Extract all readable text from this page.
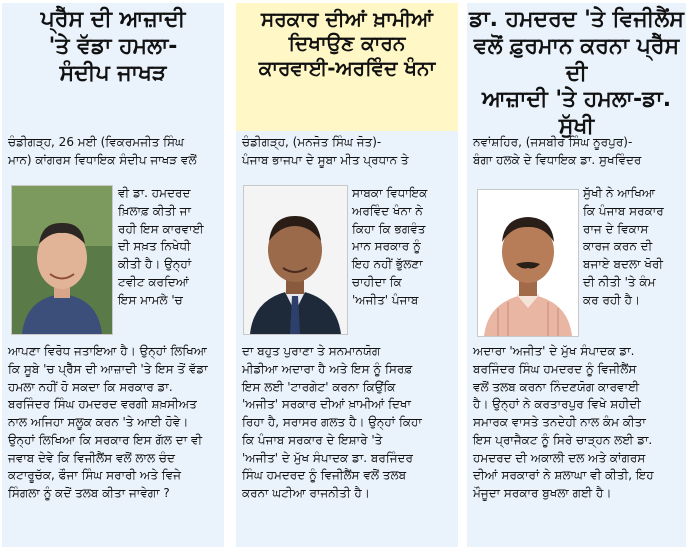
ਪ੍ਰੈੱਸ ਦੀ ਆਜ਼ਾਦੀ
'ਤੇ ਵੱਡਾ ਹਮਲਾ-
ਸੰਦੀਪ ਜਾਖੜ
ਚੰਡੀਗੜ੍ਹ, 26 ਮਈ (ਵਿਕਰਮਜੀਤ ਸਿੰਘ
ਮਾਨ) ਕਾਂਗਰਸ ਵਿਧਾਇਕ ਸੰਦੀਪ ਜਾਖੜ ਵਲੋਂ
ਵੀ ਡਾ. ਹਮਦਰਦ
ਖ਼ਿਲਾਫ਼ ਕੀਤੀ ਜਾ
ਰਹੀ ਇਸ ਕਾਰਵਾਈ
ਦੀ ਸਖ਼ਤ ਨਿਖੇਧੀ
ਕੀਤੀ ਹੈ। ਉਨ੍ਹਾਂ
ਟਵੀਟ ਕਰਦਿਆਂ
ਇਸ ਮਾਮਲੇ 'ਚ
ਆਪਣਾ ਵਿਰੋਧ ਜਤਾਇਆ ਹੈ। ਉਨ੍ਹਾਂ ਲਿਖਿਆ
ਕਿ ਸੂਬੇ 'ਚ ਪ੍ਰੈੱਸ ਦੀ ਆਜ਼ਾਦੀ 'ਤੇ ਇਸ ਤੋਂ ਵੱਡਾ
ਹਮਲਾ ਨਹੀਂ ਹੋ ਸਕਦਾ ਕਿ ਸਰਕਾਰ ਡਾ.
ਬਰਜਿੰਦਰ ਸਿੰਘ ਹਮਦਰਦ ਵਰਗੀ ਸ਼ਖ਼ਸੀਅਤ
ਨਾਲ ਅਜਿਹਾ ਸਲੂਕ ਕਰਨ 'ਤੇ ਆਈ ਹੋਵੇ।
ਉਨ੍ਹਾਂ ਲਿਖਿਆ ਕਿ ਸਰਕਾਰ ਇਸ ਗੱਲ ਦਾ ਵੀ
ਜਵਾਬ ਦੇਵੇ ਕਿ ਵਿਜੀਲੈਂਸ ਵਲੋਂ ਲਾਲ ਚੰਦ
ਕਟਾਰੂਚੱਕ, ਫੌਜਾ ਸਿੰਘ ਸਰਾਰੀ ਅਤੇ ਵਿਜੇ
ਸਿੰਗਲਾ ਨੂੰ ਕਦੋਂ ਤਲਬ ਕੀਤਾ ਜਾਵੇਗਾ ?
ਸਰਕਾਰ ਦੀਆਂ ਖ਼ਾਮੀਆਂ
ਦਿਖਾਉਣ ਕਾਰਨ
ਕਾਰਵਾਈ-ਅਰਵਿੰਦ ਖੰਨਾ
ਚੰਡੀਗੜ੍ਹ, (ਮਨਜੋਤ ਸਿੰਘ ਜੋਤ)-
ਪੰਜਾਬ ਭਾਜਪਾ ਦੇ ਸੂਬਾ ਮੀਤ ਪ੍ਰਧਾਨ ਤੇ
ਸਾਬਕਾ ਵਿਧਾਇਕ
ਅਰਵਿੰਦ ਖੰਨਾ ਨੇ
ਕਿਹਾ ਕਿ ਭਗਵੰਤ
ਮਾਨ ਸਰਕਾਰ ਨੂੰ
ਇਹ ਨਹੀਂ ਭੁੱਲਣਾ
ਚਾਹੀਦਾ ਕਿ
'ਅਜੀਤ' ਪੰਜਾਬ
ਦਾ ਬਹੁਤ ਪੁਰਾਣਾ ਤੇ ਸਨਮਾਨਯੋਗ
ਮੀਡੀਆ ਅਦਾਰਾ ਹੈ ਅਤੇ ਇਸ ਨੂੰ ਸਿਰਫ਼
ਇਸ ਲਈ 'ਟਾਰਗੇਟ' ਕਰਨਾ ਕਿਉਂਕਿ
'ਅਜੀਤ' ਸਰਕਾਰ ਦੀਆਂ ਖ਼ਾਮੀਆਂ ਦਿਖਾ
ਰਿਹਾ ਹੈ, ਸਰਾਸਰ ਗਲਤ ਹੈ। ਉਨ੍ਹਾਂ ਕਿਹਾ
ਕਿ ਪੰਜਾਬ ਸਰਕਾਰ ਦੇ ਇਸ਼ਾਰੇ 'ਤੇ
'ਅਜੀਤ' ਦੇ ਮੁੱਖ ਸੰਪਾਦਕ ਡਾ. ਬਰਜਿੰਦਰ
ਸਿੰਘ ਹਮਦਰਦ ਨੂੰ ਵਿਜੀਲੈਂਸ ਵਲੋਂ ਤਲਬ
ਕਰਨਾ ਘਟੀਆ ਰਾਜਨੀਤੀ ਹੈ।
ਡਾ. ਹਮਦਰਦ 'ਤੇ ਵਿਜੀਲੈਂਸ
ਵਲੋਂ ਫ਼ੁਰਮਾਨ ਕਰਨਾ ਪ੍ਰੈੱਸ ਦੀ
ਆਜ਼ਾਦੀ 'ਤੇ ਹਮਲਾ-ਡਾ. ਸੁੱਖੀ
ਨਵਾਂਸ਼ਹਿਰ, (ਜਸਬੀਰ ਸਿੰਘ ਨੂਰਪੁਰ)-
ਬੰਗਾ ਹਲਕੇ ਦੇ ਵਿਧਾਇਕ ਡਾ. ਸੁਖਵਿੰਦਰ
ਸੁੱਖੀ ਨੇ ਆਖਿਆ
ਕਿ ਪੰਜਾਬ ਸਰਕਾਰ
ਰਾਜ ਦੇ ਵਿਕਾਸ
ਕਾਰਜ ਕਰਨ ਦੀ
ਬਜਾਏ ਬਦਲਾ ਖੋਰੀ
ਦੀ ਨੀਤੀ 'ਤੇ ਕੰਮ
ਕਰ ਰਹੀ ਹੈ।
ਅਦਾਰਾ 'ਅਜੀਤ' ਦੇ ਮੁੱਖ ਸੰਪਾਦਕ ਡਾ.
ਬਰਜਿੰਦਰ ਸਿੰਘ ਹਮਦਰਦ ਨੂੰ ਵਿਜੀਲੈਂਸ
ਵਲੋਂ ਤਲਬ ਕਰਨਾ ਨਿੰਦਣਯੋਗ ਕਾਰਵਾਈ
ਹੈ। ਉਨ੍ਹਾਂ ਨੇ ਕਰਤਾਰਪੁਰ ਵਿਖੇ ਸ਼ਹੀਦੀ
ਸਮਾਰਕ ਵਾਸਤੇ ਤਨਦੇਹੀ ਨਾਲ ਕੰਮ ਕੀਤਾ
ਇਸ ਪ੍ਰਾਜੈਕਟ ਨੂੰ ਸਿਰੇ ਚਾੜ੍ਹਨ ਲਈ ਡਾ.
ਹਮਦਰਦ ਦੀ ਅਕਾਲੀ ਦਲ ਅਤੇ ਕਾਂਗਰਸ
ਦੀਆਂ ਸਰਕਾਰਾਂ ਨੇ ਸ਼ਲਾਘਾ ਵੀ ਕੀਤੀ, ਇਹ
ਮੌਜੂਦਾ ਸਰਕਾਰ ਬੁਖਲਾ ਗਈ ਹੈ।
